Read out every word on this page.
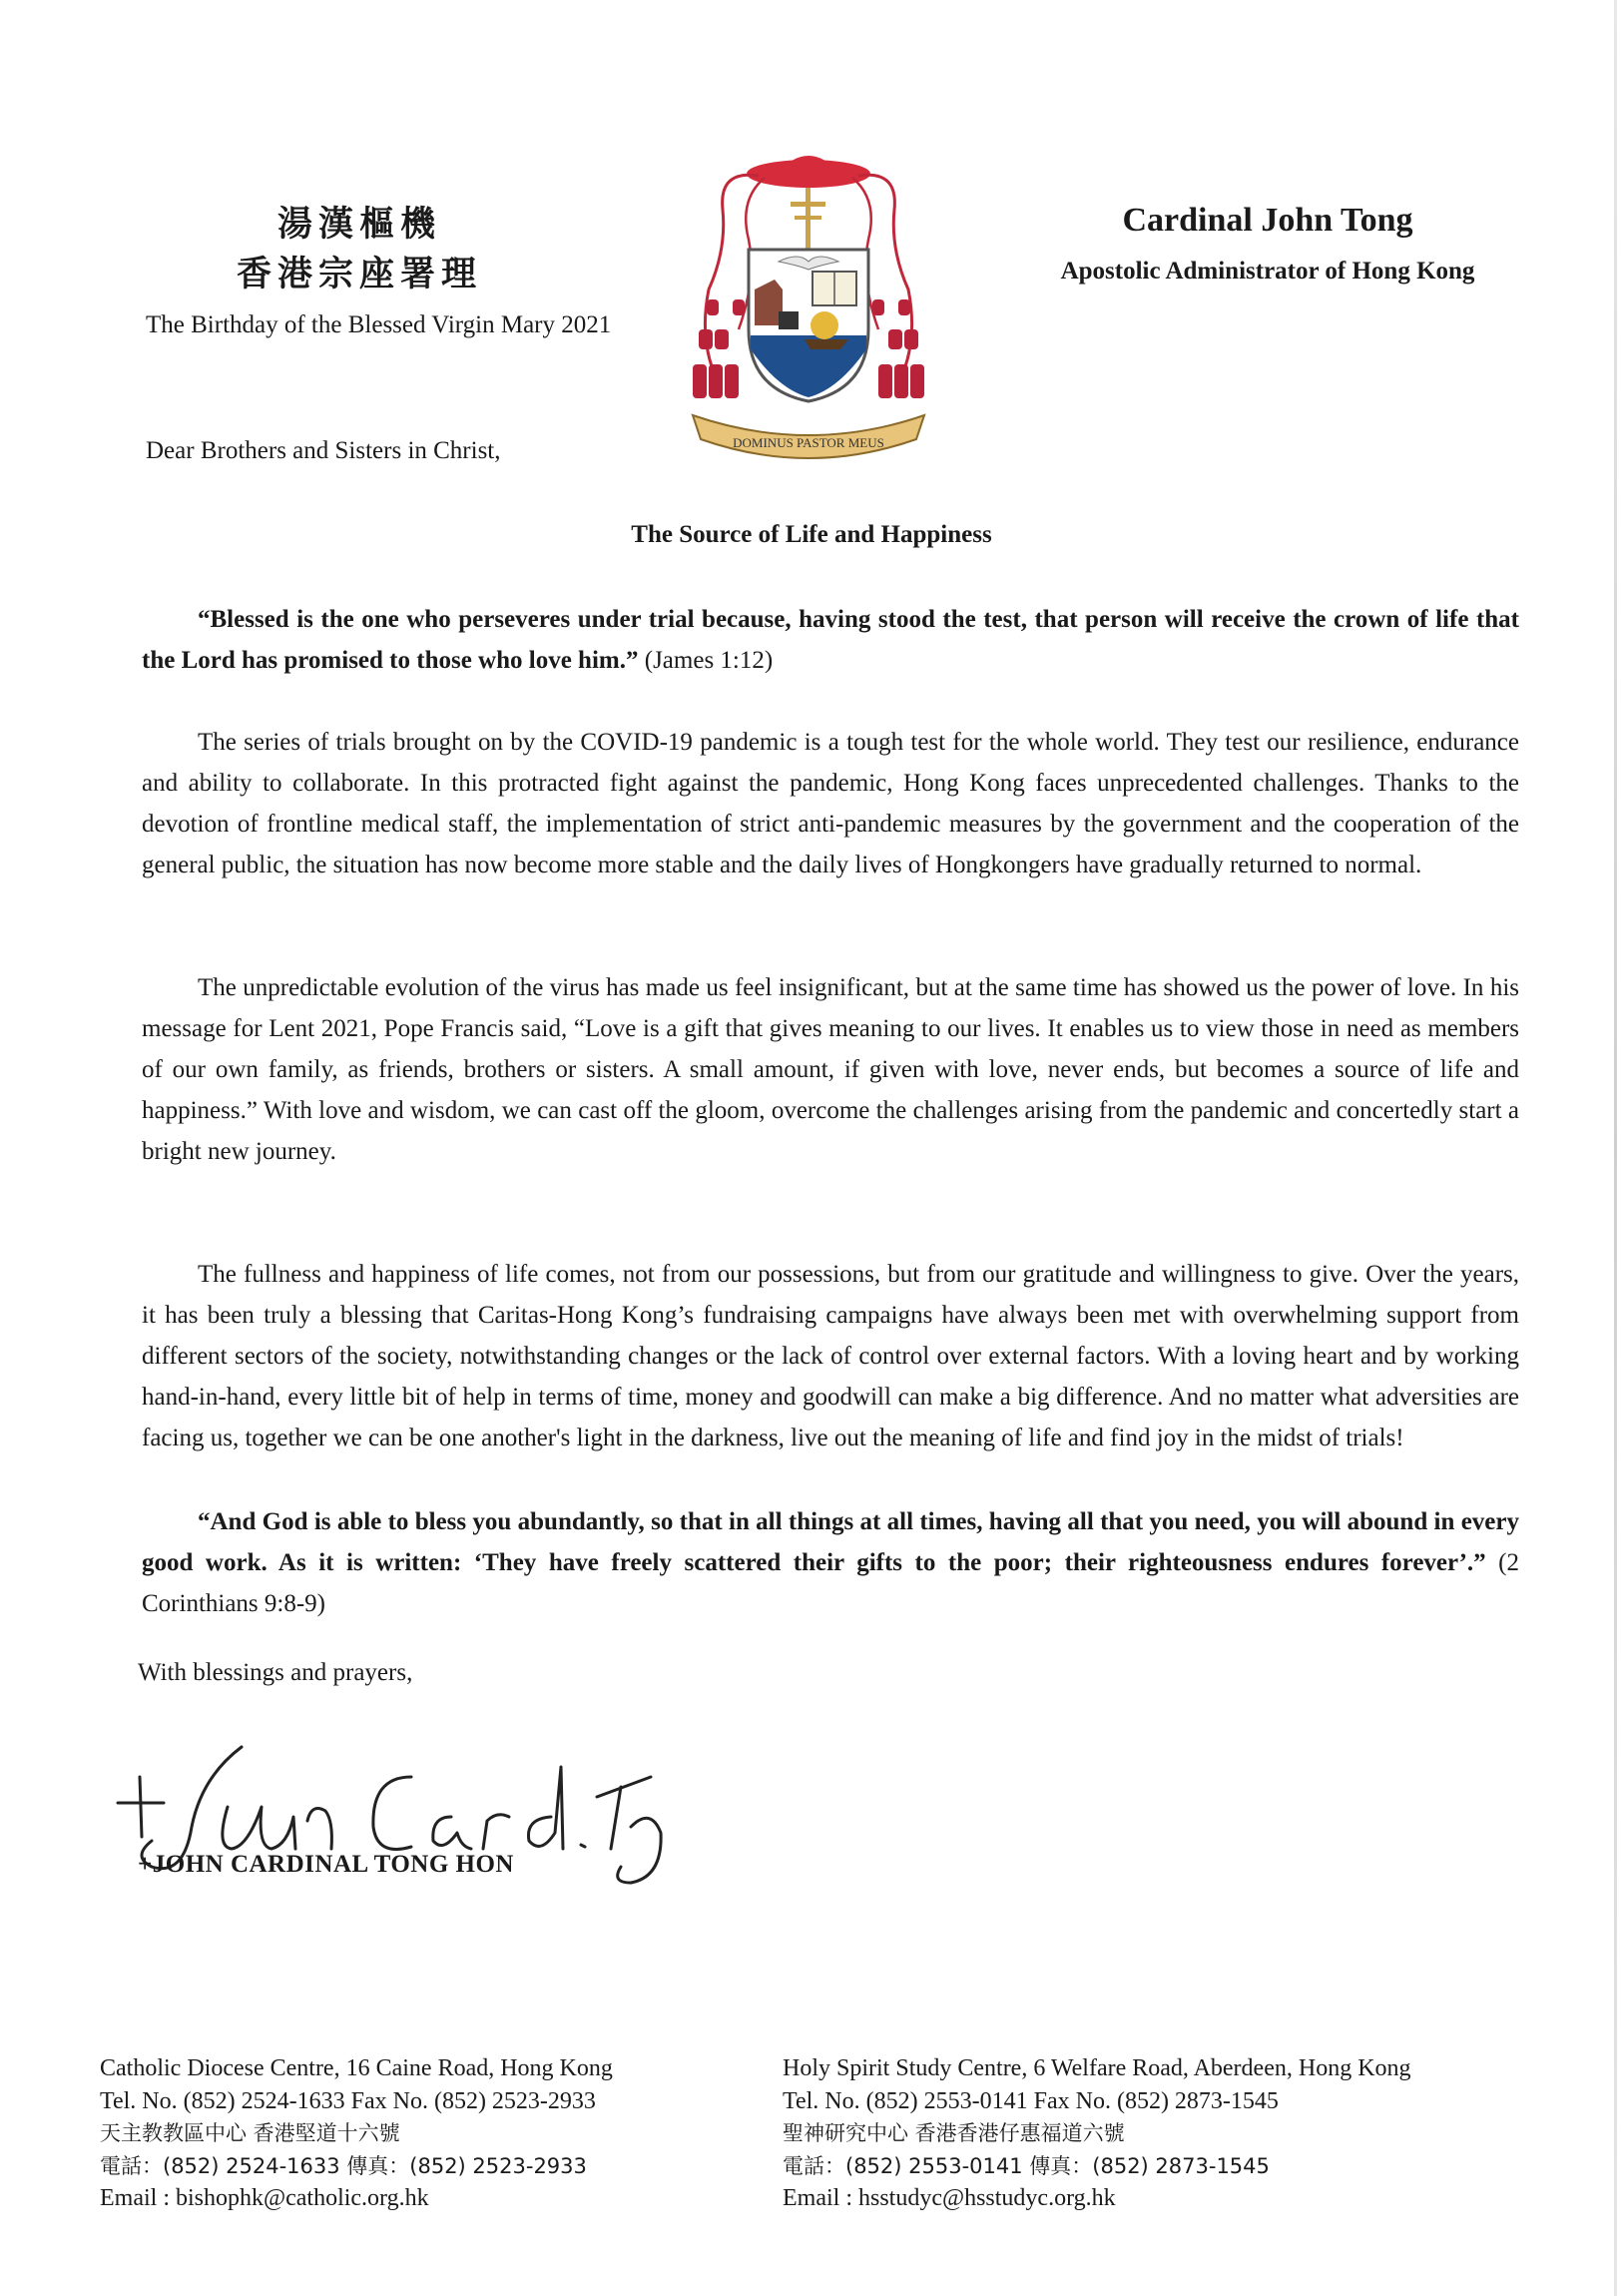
湯漢樞機
香港宗座署理
The Birthday of the Blessed Virgin Mary 2021
DOMINUS PASTOR MEUS
Cardinal John Tong
Apostolic Administrator of Hong Kong
Dear Brothers and Sisters in Christ,
The Source of Life and Happiness

“Blessed is the one who perseveres under trial because, having stood the test, that person will receive the crown of life that the Lord has promised to those who love him.” (James 1:12)

The series of trials brought on by the COVID-19 pandemic is a tough test for the whole world. They test our resilience, endurance and ability to collaborate. In this protracted fight against the pandemic, Hong Kong faces unprecedented challenges. Thanks to the devotion of frontline medical staff, the implementation of strict anti-pandemic measures by the government and the cooperation of the general public, the situation has now become more stable and the daily lives of Hongkongers have gradually returned to normal.

The unpredictable evolution of the virus has made us feel insignificant, but at the same time has showed us the power of love. In his message for Lent 2021, Pope Francis said, “Love is a gift that gives meaning to our lives. It enables us to view those in need as members of our own family, as friends, brothers or sisters. A small amount, if given with love, never ends, but becomes a source of life and happiness.” With love and wisdom, we can cast off the gloom, overcome the challenges arising from the pandemic and concertedly start a bright new journey.

The fullness and happiness of life comes, not from our possessions, but from our gratitude and willingness to give. Over the years, it has been truly a blessing that Caritas-Hong Kong’s fundraising campaigns have always been met with overwhelming support from different sectors of the society, notwithstanding changes or the lack of control over external factors. With a loving heart and by working hand-in-hand, every little bit of help in terms of time, money and goodwill can make a big difference. And no matter what adversities are facing us, together we can be one another's light in the darkness, live out the meaning of life and find joy in the midst of trials!

“And God is able to bless you abundantly, so that in all things at all times, having all that you need, you will abound in every good work. As it is written: ‘They have freely scattered their gifts to the poor; their righteousness endures forever’.” (2 Corinthians 9:8-9)

With blessings and prayers,
+JOHN CARDINAL TONG HON
Catholic Diocese Centre, 16 Caine Road, Hong Kong
Tel. No. (852) 2524-1633 Fax No. (852) 2523-2933
天主教教區中心 香港堅道十六號
電話：(852) 2524-1633 傳真：(852) 2523-2933
Email : bishophk@catholic.org.hk
Holy Spirit Study Centre, 6 Welfare Road, Aberdeen, Hong Kong
Tel. No. (852) 2553-0141 Fax No. (852) 2873-1545
聖神研究中心 香港香港仔惠福道六號
電話：(852) 2553-0141 傳真：(852) 2873-1545
Email : hsstudyc@hsstudyc.org.hk
